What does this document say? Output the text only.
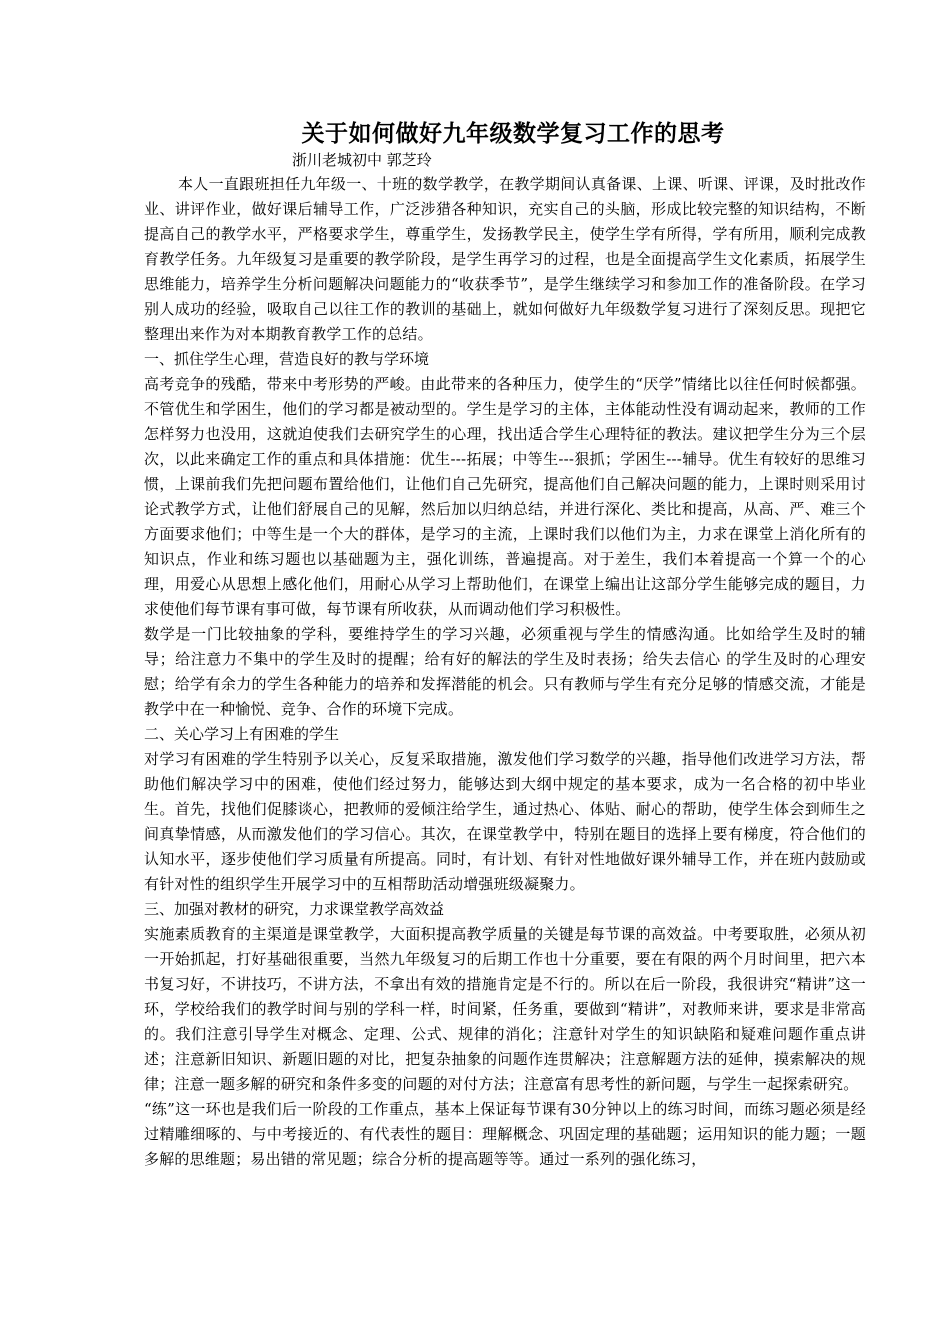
关于如何做好九年级数学复习工作的思考

浙川老城初中 郭芝玲

本人一直跟班担任九年级一、十班的数学教学，在教学期间认真备课、上课、听课、评课，及时批改作业、讲评作业，做好课后辅导工作，广泛涉猎各种知识，充实自己的头脑，形成比较完整的知识结构，不断提高自己的教学水平，严格要求学生，尊重学生，发扬教学民主，使学生学有所得，学有所用，顺利完成教育教学任务。九年级复习是重要的教学阶段，是学生再学习的过程，也是全面提高学生文化素质，拓展学生思维能力，培养学生分析问题解决问题能力的“收获季节”，是学生继续学习和参加工作的准备阶段。在学习别人成功的经验，吸取自己以往工作的教训的基础上，就如何做好九年级数学复习进行了深刻反思。现把它整理出来作为对本期教育教学工作的总结。

一、抓住学生心理，营造良好的教与学环境

高考竞争的残酷，带来中考形势的严峻。由此带来的各种压力，使学生的“厌学”情绪比以往任何时候都强。不管优生和学困生，他们的学习都是被动型的。学生是学习的主体，主体能动性没有调动起来，教师的工作怎样努力也没用，这就迫使我们去研究学生的心理，找出适合学生心理特征的教法。建议把学生分为三个层次，以此来确定工作的重点和具体措施：优生---拓展；中等生---狠抓；学困生---辅导。优生有较好的思维习惯，上课前我们先把问题布置给他们，让他们自己先研究，提高他们自己解决问题的能力，上课时则采用讨论式教学方式，让他们舒展自己的见解，然后加以归纳总结，并进行深化、类比和提高，从高、严、难三个方面要求他们；中等生是一个大的群体，是学习的主流，上课时我们以他们为主，力求在课堂上消化所有的知识点，作业和练习题也以基础题为主，强化训练，普遍提高。对于差生，我们本着提高一个算一个的心理，用爱心从思想上感化他们，用耐心从学习上帮助他们，在课堂上编出让这部分学生能够完成的题目，力求使他们每节课有事可做，每节课有所收获，从而调动他们学习积极性。

数学是一门比较抽象的学科，要维持学生的学习兴趣，必须重视与学生的情感沟通。比如给学生及时的辅导；给注意力不集中的学生及时的提醒；给有好的解法的学生及时表扬；给失去信心 的学生及时的心理安慰；给学有余力的学生各种能力的培养和发挥潜能的机会。只有教师与学生有充分足够的情感交流，才能是教学中在一种愉悦、竞争、合作的环境下完成。

二、关心学习上有困难的学生

对学习有困难的学生特别予以关心，反复采取措施，激发他们学习数学的兴趣，指导他们改进学习方法，帮助他们解决学习中的困难，使他们经过努力，能够达到大纲中规定的基本要求，成为一名合格的初中毕业生。首先，找他们促膝谈心，把教师的爱倾注给学生，通过热心、体贴、耐心的帮助，使学生体会到师生之间真挚情感，从而激发他们的学习信心。其次，在课堂教学中，特别在题目的选择上要有梯度，符合他们的认知水平，逐步使他们学习质量有所提高。同时，有计划、有针对性地做好课外辅导工作，并在班内鼓励或有针对性的组织学生开展学习中的互相帮助活动增强班级凝聚力。

三、加强对教材的研究，力求课堂教学高效益

实施素质教育的主渠道是课堂教学，大面积提高教学质量的关键是每节课的高效益。中考要取胜，必须从初一开始抓起，打好基础很重要，当然九年级复习的后期工作也十分重要，要在有限的两个月时间里，把六本书复习好，不讲技巧，不讲方法，不拿出有效的措施肯定是不行的。所以在后一阶段，我很讲究“精讲”这一环，学校给我们的教学时间与别的学科一样，时间紧，任务重，要做到“精讲”，对教师来讲，要求是非常高的。我们注意引导学生对概念、定理、公式、规律的消化；注意针对学生的知识缺陷和疑难问题作重点讲述；注意新旧知识、新题旧题的对比，把复杂抽象的问题作连贯解决；注意解题方法的延伸，摸索解决的规律；注意一题多解的研究和条件多变的问题的对付方法；注意富有思考性的新问题，与学生一起探索研究。

“练”这一环也是我们后一阶段的工作重点，基本上保证每节课有30分钟以上的练习时间，而练习题必须是经过精雕细啄的、与中考接近的、有代表性的题目：理解概念、巩固定理的基础题；运用知识的能力题；一题多解的思维题；易出错的常见题；综合分析的提高题等等。通过一系列的强化练习，
